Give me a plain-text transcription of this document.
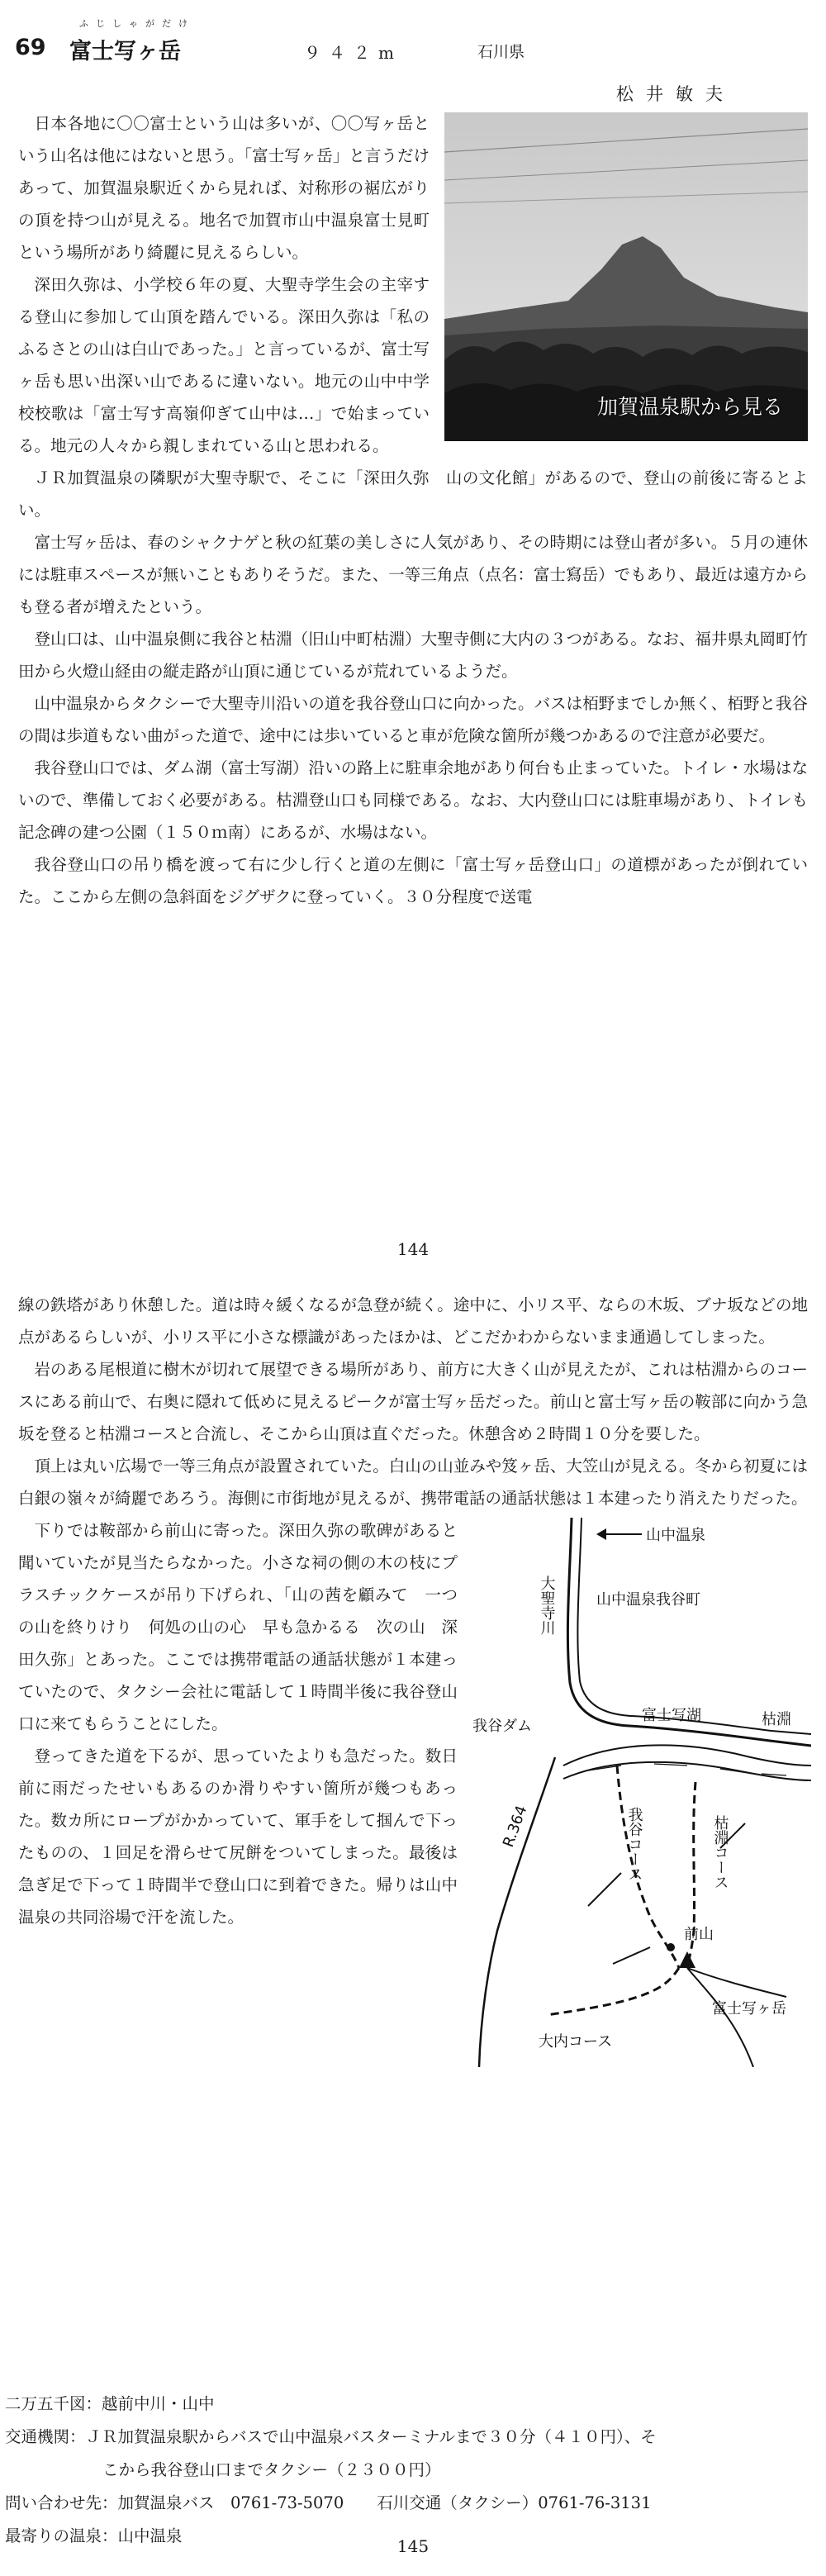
69
ふじしゃがだけ
富士写ヶ岳	９４２m	石川県
松井敏夫
加賀温泉駅から見る

日本各地に〇〇富士という山は多いが、〇〇写ヶ岳という山名は他にはないと思う。「富士写ヶ岳」と言うだけあって、加賀温泉駅近くから見れば、対称形の裾広がりの頂を持つ山が見える。地名で加賀市山中温泉富士見町という場所があり綺麗に見えるらしい。

深田久弥は、小学校６年の夏、大聖寺学生会の主宰する登山に参加して山頂を踏んでいる。深田久弥は「私のふるさとの山は白山であった。」と言っているが、富士写ヶ岳も思い出深い山であるに違いない。地元の山中中学校校歌は「富士写す高嶺仰ぎて山中は…」で始まっている。地元の人々から親しまれている山と思われる。

ＪＲ加賀温泉の隣駅が大聖寺駅で、そこに「深田久弥　山の文化館」があるので、登山の前後に寄るとよい。

富士写ヶ岳は、春のシャクナゲと秋の紅葉の美しさに人気があり、その時期には登山者が多い。５月の連休には駐車スペースが無いこともありそうだ。また、一等三角点（点名：富士寫岳）でもあり、最近は遠方からも登る者が増えたという。

登山口は、山中温泉側に我谷と枯淵（旧山中町枯淵）大聖寺側に大内の３つがある。なお、福井県丸岡町竹田から火燈山経由の縦走路が山頂に通じているが荒れているようだ。

山中温泉からタクシーで大聖寺川沿いの道を我谷登山口に向かった。バスは栢野までしか無く、栢野と我谷の間は歩道もない曲がった道で、途中には歩いていると車が危険な箇所が幾つかあるので注意が必要だ。

我谷登山口では、ダム湖（富士写湖）沿いの路上に駐車余地があり何台も止まっていた。トイレ・水場はないので、準備しておく必要がある。枯淵登山口も同様である。なお、大内登山口には駐車場があり、トイレも記念碑の建つ公園（１５０ｍ南）にあるが、水場はない。

我谷登山口の吊り橋を渡って右に少し行くと道の左側に「富士写ヶ岳登山口」の道標があったが倒れていた。ここから左側の急斜面をジグザクに登っていく。３０分程度で送電

144

線の鉄塔があり休憩した。道は時々緩くなるが急登が続く。途中に、小リス平、ならの木坂、ブナ坂などの地点があるらしいが、小リス平に小さな標識があったほかは、どこだかわからないまま通過してしまった。

岩のある尾根道に樹木が切れて展望できる場所があり、前方に大きく山が見えたが、これは枯淵からのコースにある前山で、右奥に隠れて低めに見えるピークが富士写ヶ岳だった。前山と富士写ヶ岳の鞍部に向かう急坂を登ると枯淵コースと合流し、そこから山頂は直ぐだった。休憩含め２時間１０分を要した。

頂上は丸い広場で一等三角点が設置されていた。白山の山並みや笈ヶ岳、大笠山が見える。冬から初夏には白銀の嶺々が綺麗であろう。海側に市街地が見えるが、携帯電話の通話状態は１本建ったり消えたりだった。

山中温泉
山中温泉我谷町
富士写湖
我谷ダム	枯淵
富士写ヶ岳
前山
大内コース
大聖寺川
R.364	我谷コース	枯淵コース

下りでは鞍部から前山に寄った。深田久弥の歌碑があると聞いていたが見当たらなかった。小さな祠の側の木の枝にプラスチックケースが吊り下げられ、「山の茜を顧みて　一つの山を終りけり　何処の山の心　早も急かるる　次の山　深田久弥」とあった。ここでは携帯電話の通話状態が１本建っていたので、タクシー会社に電話して１時間半後に我谷登山口に来てもらうことにした。

登ってきた道を下るが、思っていたよりも急だった。数日前に雨だったせいもあるのか滑りやすい箇所が幾つもあった。数カ所にロープがかかっていて、軍手をして掴んで下ったものの、１回足を滑らせて尻餅をついてしまった。最後は急ぎ足で下って１時間半で登山口に到着できた。帰りは山中温泉の共同浴場で汗を流した。

二万五千図：越前中川・山中
交通機関：ＪＲ加賀温泉駅からバスで山中温泉バスターミナルまで３０分（４１０円）、そ
こから我谷登山口までタクシー（２３００円）
問い合わせ先：加賀温泉バス　0761-73-5070 石川交通（タクシー）0761-76-3131
最寄りの温泉：山中温泉
145
